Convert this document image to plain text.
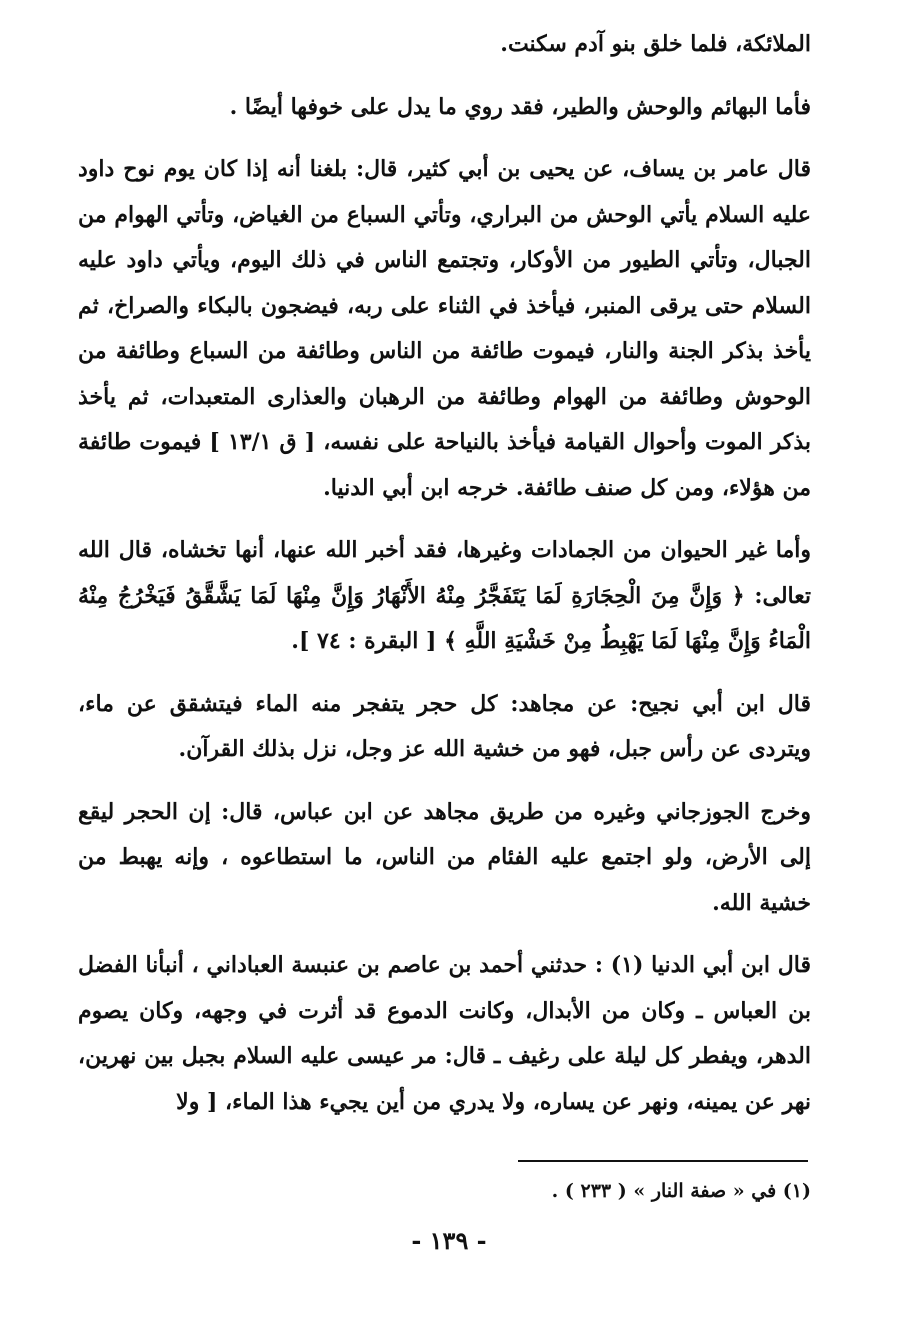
الملائكة، فلما خلق بنو آدم سكنت.

فأما البهائم والوحش والطير، فقد روي ما يدل على خوفها أيضًا .

قال عامر بن يساف، عن يحيى بن أبي كثير، قال: بلغنا أنه إذا كان يوم نوح داود عليه السلام يأتي الوحش من البراري، وتأتي السباع من الغياض، وتأتي الهوام من الجبال، وتأتي الطيور من الأوكار، وتجتمع الناس في ذلك اليوم، ويأتي داود عليه السلام حتى يرقى المنبر، فيأخذ في الثناء على ربه، فيضجون بالبكاء والصراخ، ثم يأخذ بذكر الجنة والنار، فيموت طائفة من الناس وطائفة من السباع وطائفة من الوحوش وطائفة من الهوام وطائفة من الرهبان والعذارى المتعبدات، ثم يأخذ بذكر الموت وأحوال القيامة فيأخذ بالنياحة على نفسه، [ ق ١٣/١ ] فيموت طائفة من هؤلاء، ومن كل صنف طائفة. خرجه ابن أبي الدنيا.

وأما غير الحيوان من الجمادات وغيرها، فقد أخبر الله عنها، أنها تخشاه، قال الله تعالى: ﴿ وَإِنَّ مِنَ الْحِجَارَةِ لَمَا يَتَفَجَّرُ مِنْهُ الأَنْهَارُ وَإِنَّ مِنْهَا لَمَا يَشَّقَّقُ فَيَخْرُجُ مِنْهُ الْمَاءُ وَإِنَّ مِنْهَا لَمَا يَهْبِطُ مِنْ خَشْيَةِ اللَّهِ ﴾ [ البقرة : ٧٤ ].

قال ابن أبي نجيح: عن مجاهد: كل حجر يتفجر منه الماء فيتشقق عن ماء، ويتردى عن رأس جبل، فهو من خشية الله عز وجل، نزل بذلك القرآن.

وخرج الجوزجاني وغيره من طريق مجاهد عن ابن عباس، قال: إن الحجر ليقع إلى الأرض، ولو اجتمع عليه الفئام من الناس، ما استطاعوه ، وإنه يهبط من خشية الله.

قال ابن أبي الدنيا (١) : حدثني أحمد بن عاصم بن عنبسة العباداني ، أنبأنا الفضل بن العباس ـ وكان من الأبدال، وكانت الدموع قد أثرت في وجهه، وكان يصوم الدهر، ويفطر كل ليلة على رغيف ـ قال: مر عيسى عليه السلام بجبل بين نهرين، نهر عن يمينه، ونهر عن يساره، ولا يدري من أين يجيء هذا الماء، [ ولا

(١) في « صفة النار » ( ٢٣٣ ) .
- ١٣٩ -
